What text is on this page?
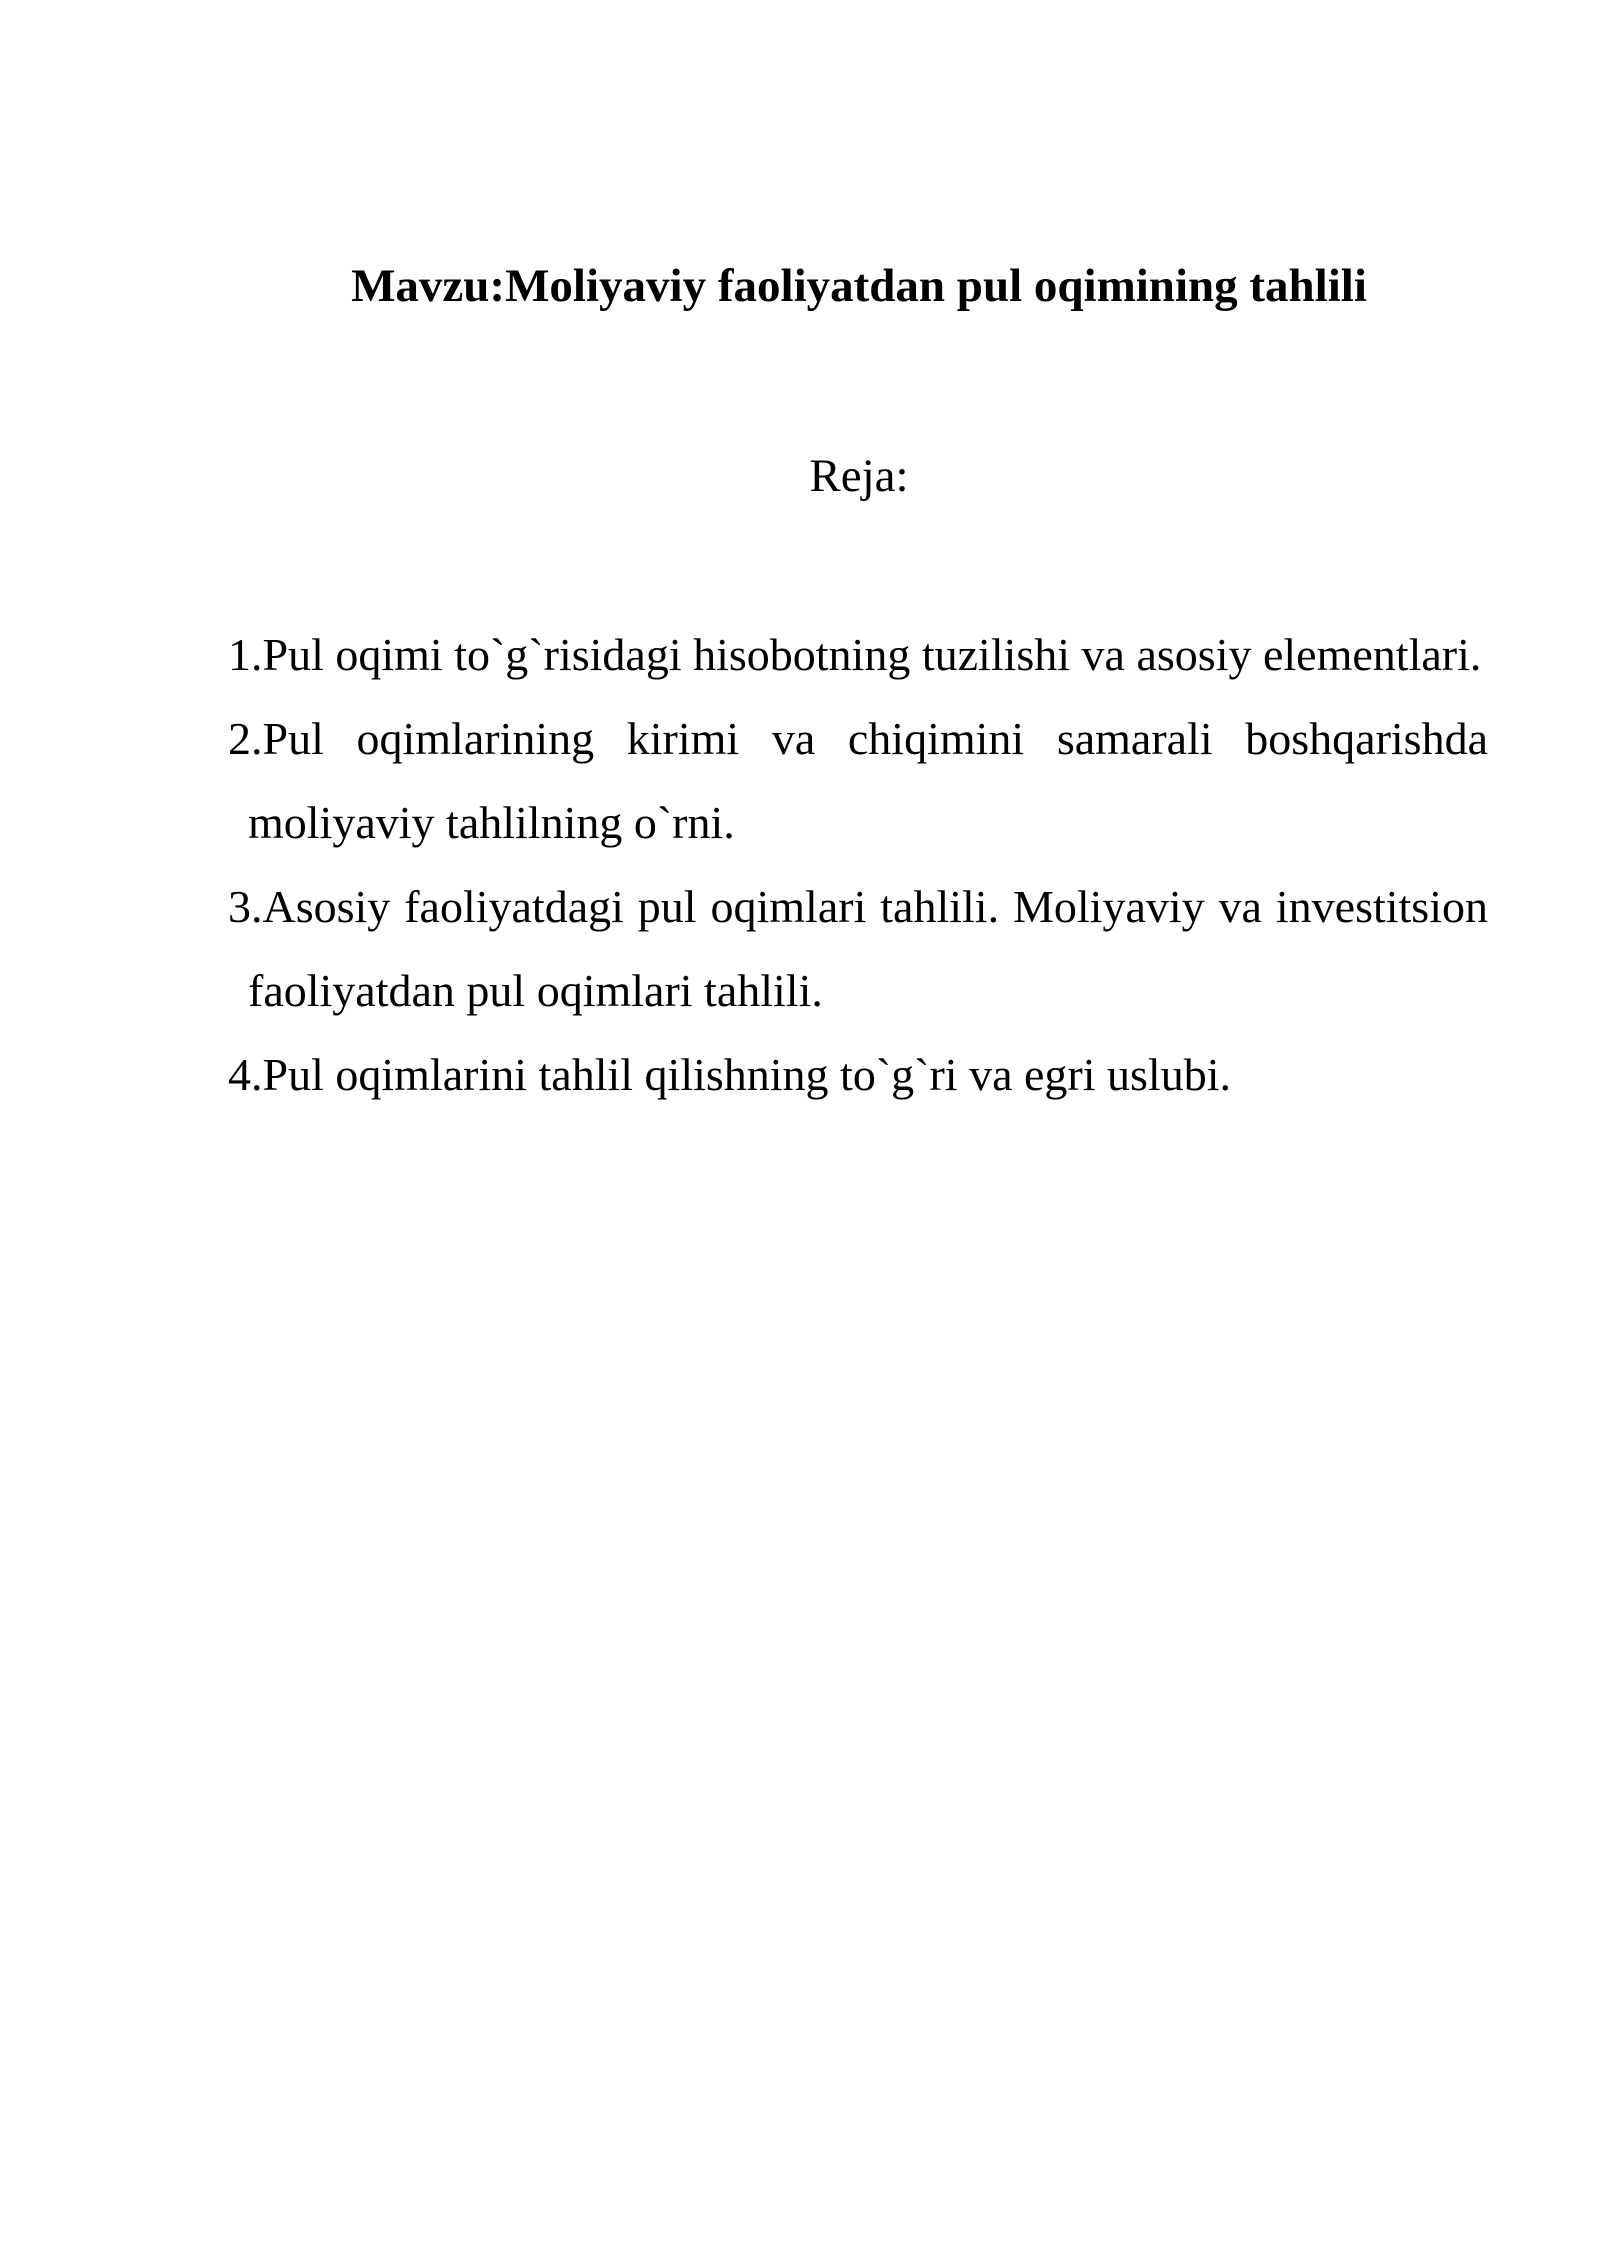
Mavzu:Moliyaviy faoliyatdan pul oqimining tahlili
Reja:
1.Pul oqimi to`g`risidagi hisobotning tuzilishi va asosiy elementlari.
2.Pul oqimlarining kirimi va chiqimini samarali boshqarishda moliyaviy tahlilning o`rni.
3.Asosiy faoliyatdagi pul oqimlari tahlili. Moliyaviy va investitsion faoliyatdan pul oqimlari tahlili.
4.Pul oqimlarini tahlil qilishning to`g`ri va egri uslubi.
